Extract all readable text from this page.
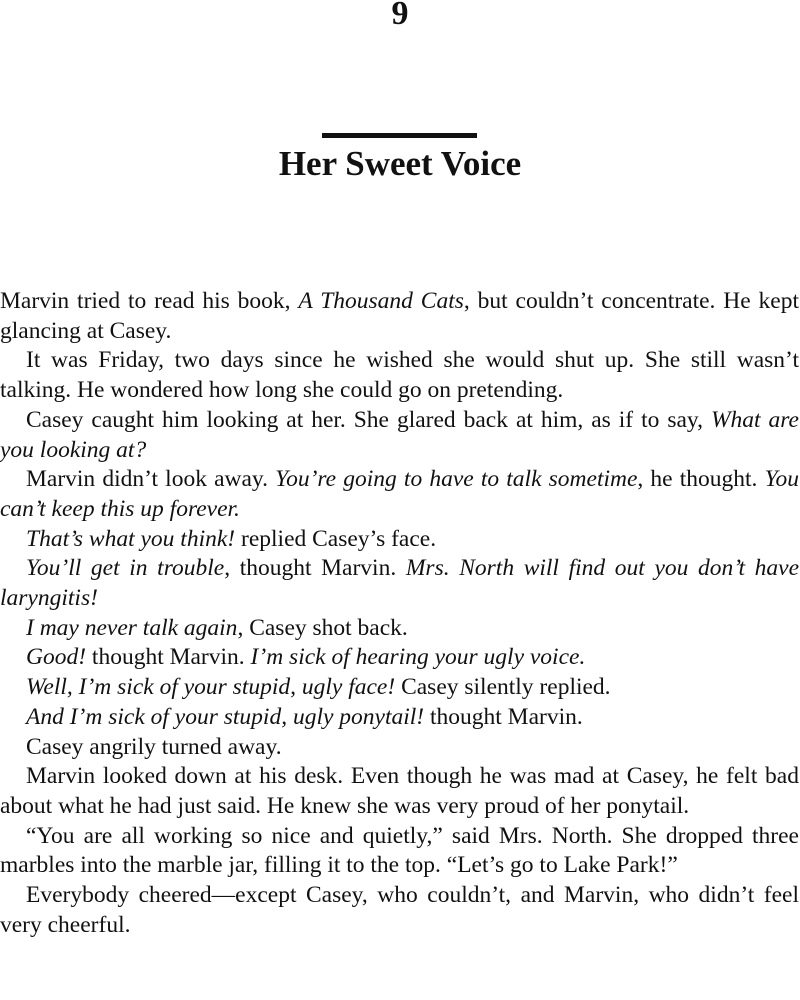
9
Her Sweet Voice

Marvin tried to read his book, A Thousand Cats, but couldn’t concentrate. He kept glancing at Casey.

It was Friday, two days since he wished she would shut up. She still wasn’t talking. He wondered how long she could go on pretending.

Casey caught him looking at her. She glared back at him, as if to say, What are you looking at?

Marvin didn’t look away. You’re going to have to talk sometime, he thought. You can’t keep this up forever.

That’s what you think! replied Casey’s face.

You’ll get in trouble, thought Marvin. Mrs. North will find out you don’t have laryngitis!

I may never talk again, Casey shot back.

Good! thought Marvin. I’m sick of hearing your ugly voice.

Well, I’m sick of your stupid, ugly face! Casey silently replied.

And I’m sick of your stupid, ugly ponytail! thought Marvin.

Casey angrily turned away.

Marvin looked down at his desk. Even though he was mad at Casey, he felt bad about what he had just said. He knew she was very proud of her ponytail.

“You are all working so nice and quietly,” said Mrs. North. She dropped three marbles into the marble jar, filling it to the top. “Let’s go to Lake Park!”

Everybody cheered—except Casey, who couldn’t, and Marvin, who didn’t feel very cheerful.
